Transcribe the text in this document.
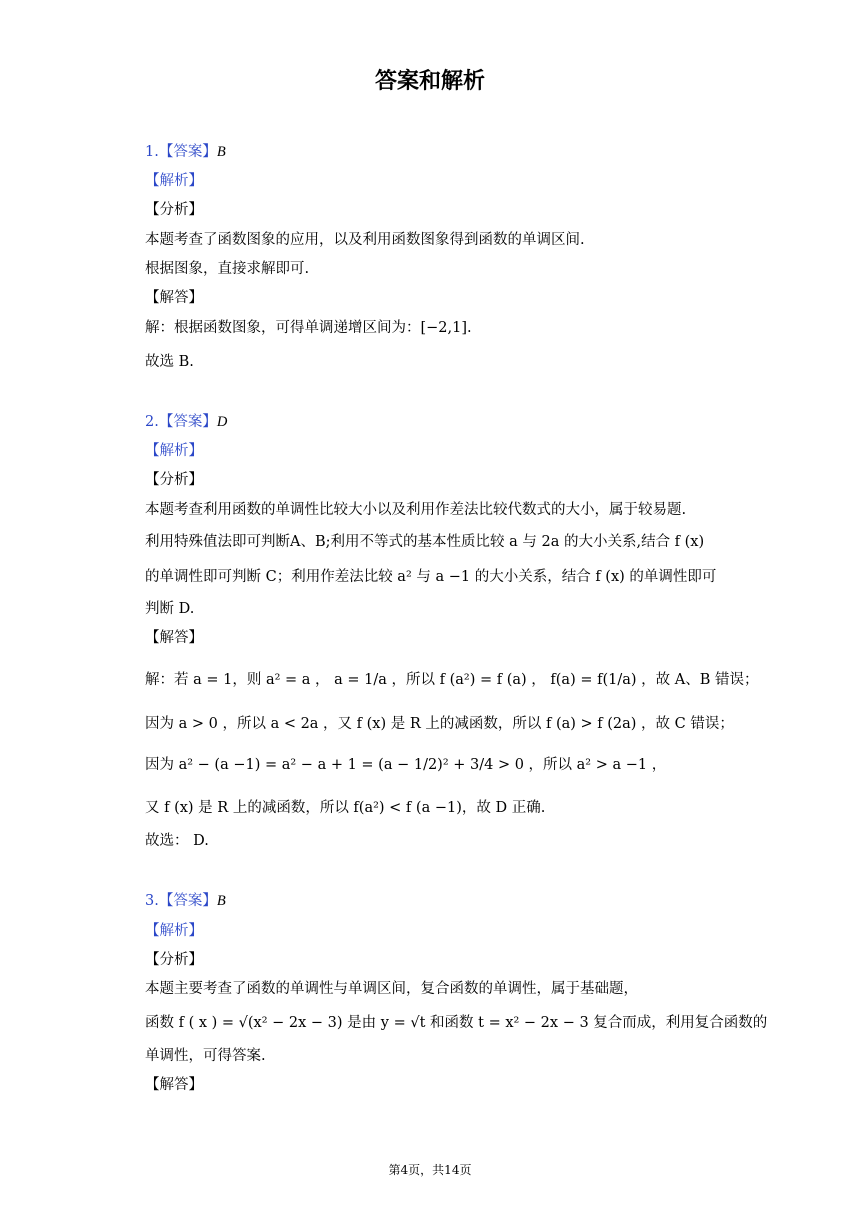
答案和解析
1.【答案】B
【解析】
【分析】
本题考查了函数图象的应用，以及利用函数图象得到函数的单调区间.
根据图象，直接求解即可.
【解答】
解：根据函数图象，可得单调递增区间为：[−2,1].
故选 B.
2.【答案】D
【解析】
【分析】
本题考查利用函数的单调性比较大小以及利用作差法比较代数式的大小，属于较易题.
利用特殊值法即可判断A、B;利用不等式的基本性质比较 a 与 2a 的大小关系,结合 f (x)
的单调性即可判断 C；利用作差法比较 a² 与 a −1 的大小关系，结合 f (x) 的单调性即可
判断 D.
【解答】
解：若 a = 1，则 a² = a ， a = 1/a ，所以 f (a²) = f (a) ， f(a) = f(1/a) ，故 A、B 错误；
因为 a > 0 ，所以 a < 2a ，又 f (x) 是 R 上的减函数，所以 f (a) > f (2a) ，故 C 错误；
因为 a² − (a −1) = a² − a + 1 = (a − 1/2)² + 3/4 > 0 ，所以 a² > a −1 ，
又 f (x) 是 R 上的减函数，所以 f(a²) < f (a −1)，故 D 正确.
故选： D.
3.【答案】B
【解析】
【分析】
本题主要考查了函数的单调性与单调区间，复合函数的单调性，属于基础题，
函数 f ( x ) = √(x² − 2x − 3) 是由 y = √t 和函数 t = x² − 2x − 3 复合而成，利用复合函数的
单调性，可得答案.
【解答】
第4页，共14页
